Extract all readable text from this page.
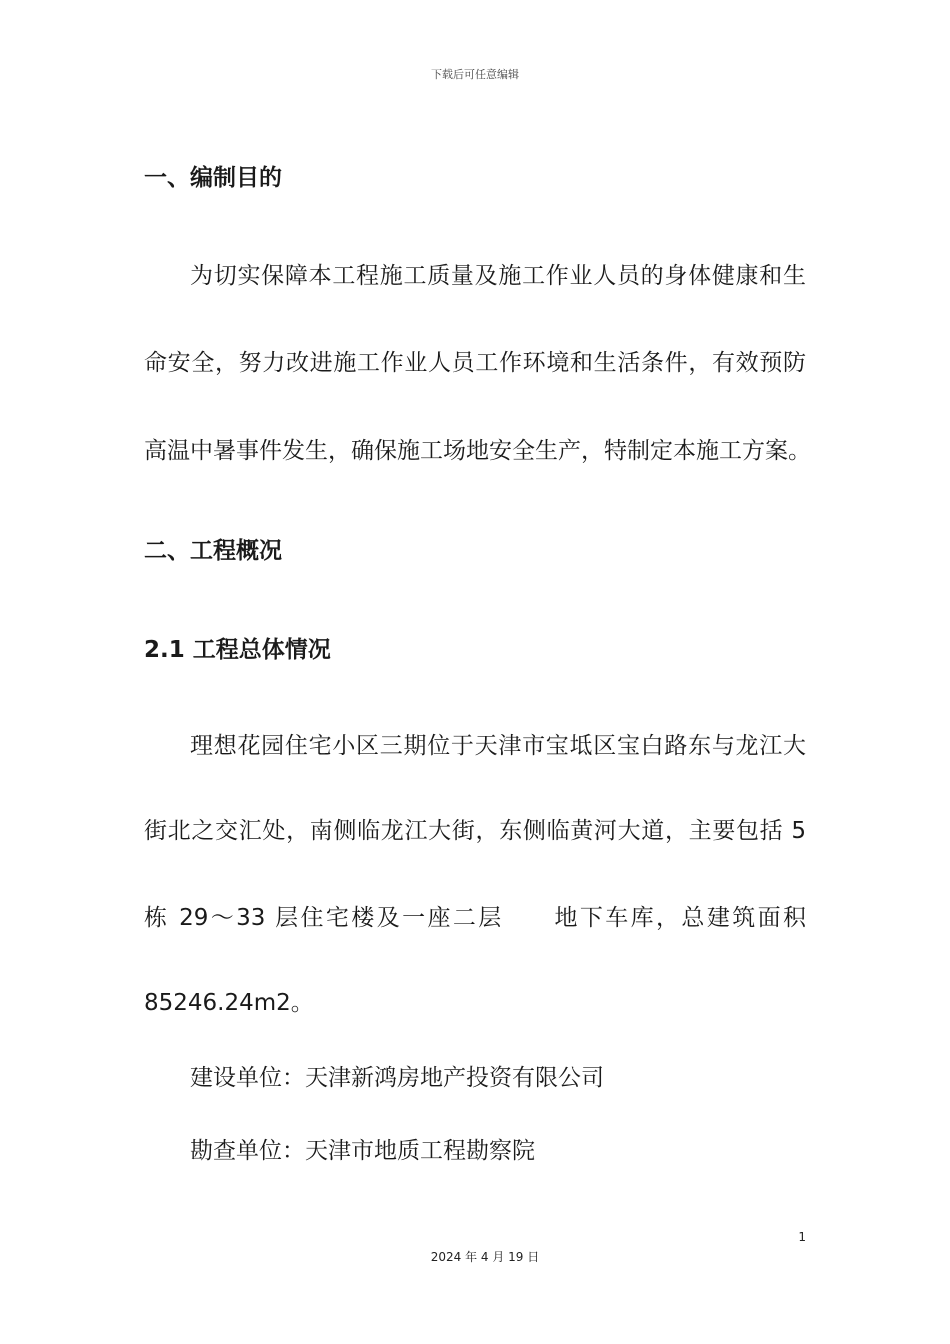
下载后可任意编辑
一、编制目的
为切实保障本工程施工质量及施工作业人员的身体健康和生
命安全，努力改进施工作业人员工作环境和生活条件，有效预防
高温中暑事件发生，确保施工场地安全生产，特制定本施工方案。
二、工程概况
2.1 工程总体情况
理想花园住宅小区三期位于天津市宝坻区宝白路东与龙江大
街北之交汇处，南侧临龙江大街，东侧临黄河大道，主要包括 5
栋 29～33 层住宅楼及一座二层　　地下车库，总建筑面积
85246.24m2。
建设单位：天津新鸿房地产投资有限公司
勘查单位：天津市地质工程勘察院
1
2024 年 4 月 19 日
